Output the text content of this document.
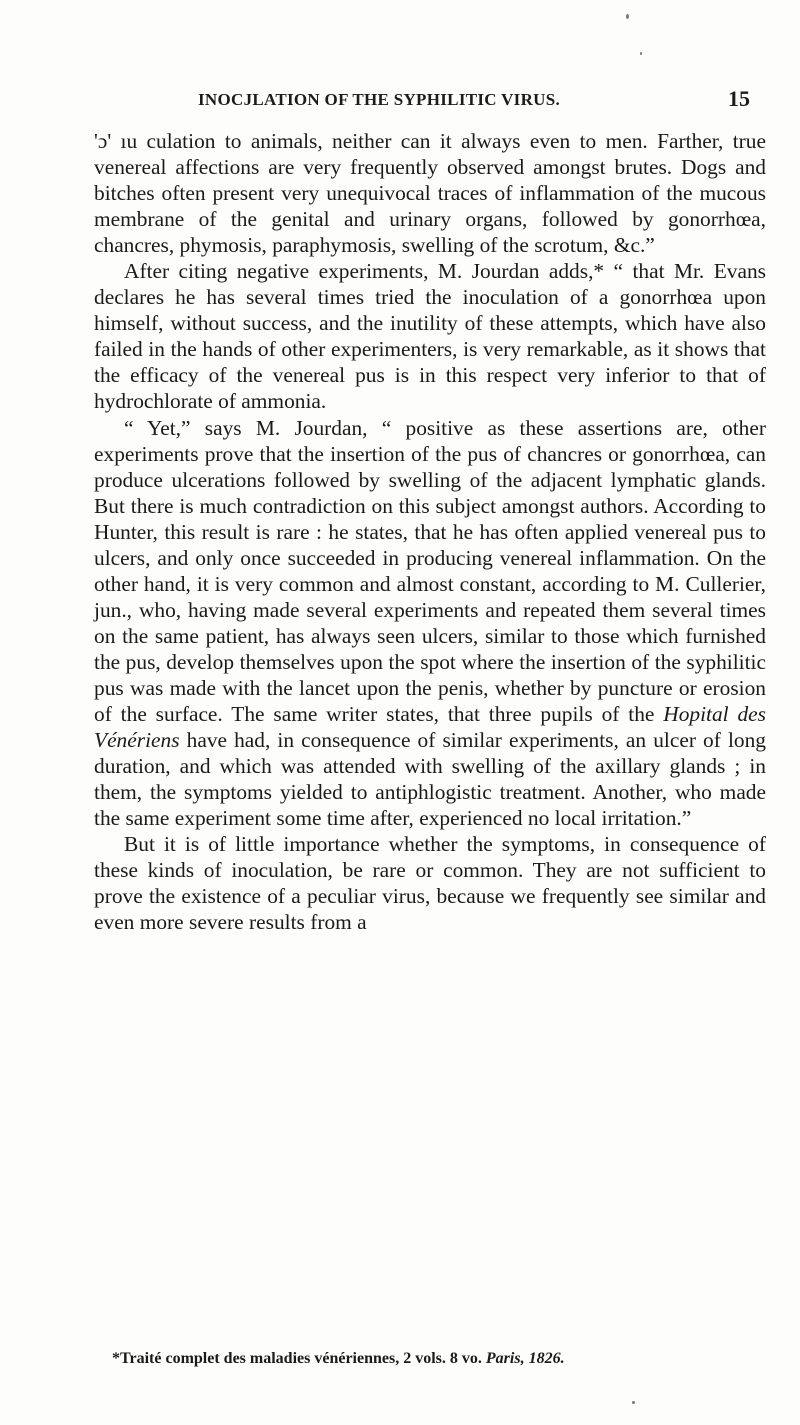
INOCJLATION OF THE SYPHILITIC VIRUS.	15

'ɔ' ıu culation to animals, neither can it always even to men. Farther, true venereal affections are very frequently observed amongst brutes. Dogs and bitches often present very unequivocal traces of inflammation of the mucous membrane of the genital and urinary organs, followed by gonorrhœa, chancres, phymosis, paraphymosis, swelling of the scrotum, &c.”

After citing negative experiments, M. Jourdan adds,* “ that Mr. Evans declares he has several times tried the inoculation of a gonorrhœa upon himself, without success, and the inutility of these attempts, which have also failed in the hands of other experimenters, is very remarkable, as it shows that the efficacy of the venereal pus is in this respect very inferior to that of hydrochlorate of ammonia.

“ Yet,” says M. Jourdan, “ positive as these assertions are, other experiments prove that the insertion of the pus of chancres or gonorrhœa, can produce ulcerations followed by swelling of the adjacent lymphatic glands. But there is much contradiction on this subject amongst authors. According to Hunter, this result is rare : he states, that he has often applied venereal pus to ulcers, and only once succeeded in producing venereal inflammation. On the other hand, it is very common and almost constant, according to M. Cullerier, jun., who, having made several experiments and repeated them several times on the same patient, has always seen ulcers, similar to those which furnished the pus, develop themselves upon the spot where the insertion of the syphilitic pus was made with the lancet upon the penis, whether by puncture or erosion of the surface. The same writer states, that three pupils of the Hopital des Vénériens have had, in consequence of similar experiments, an ulcer of long duration, and which was attended with swelling of the axillary glands ; in them, the symptoms yielded to antiphlogistic treatment. Another, who made the same experiment some time after, experienced no local irritation.”

But it is of little importance whether the symptoms, in consequence of these kinds of inoculation, be rare or common. They are not sufficient to prove the existence of a peculiar virus, because we frequently see similar and even more severe results from a

*Traité complet des maladies vénériennes, 2 vols. 8 vo. Paris, 1826.
